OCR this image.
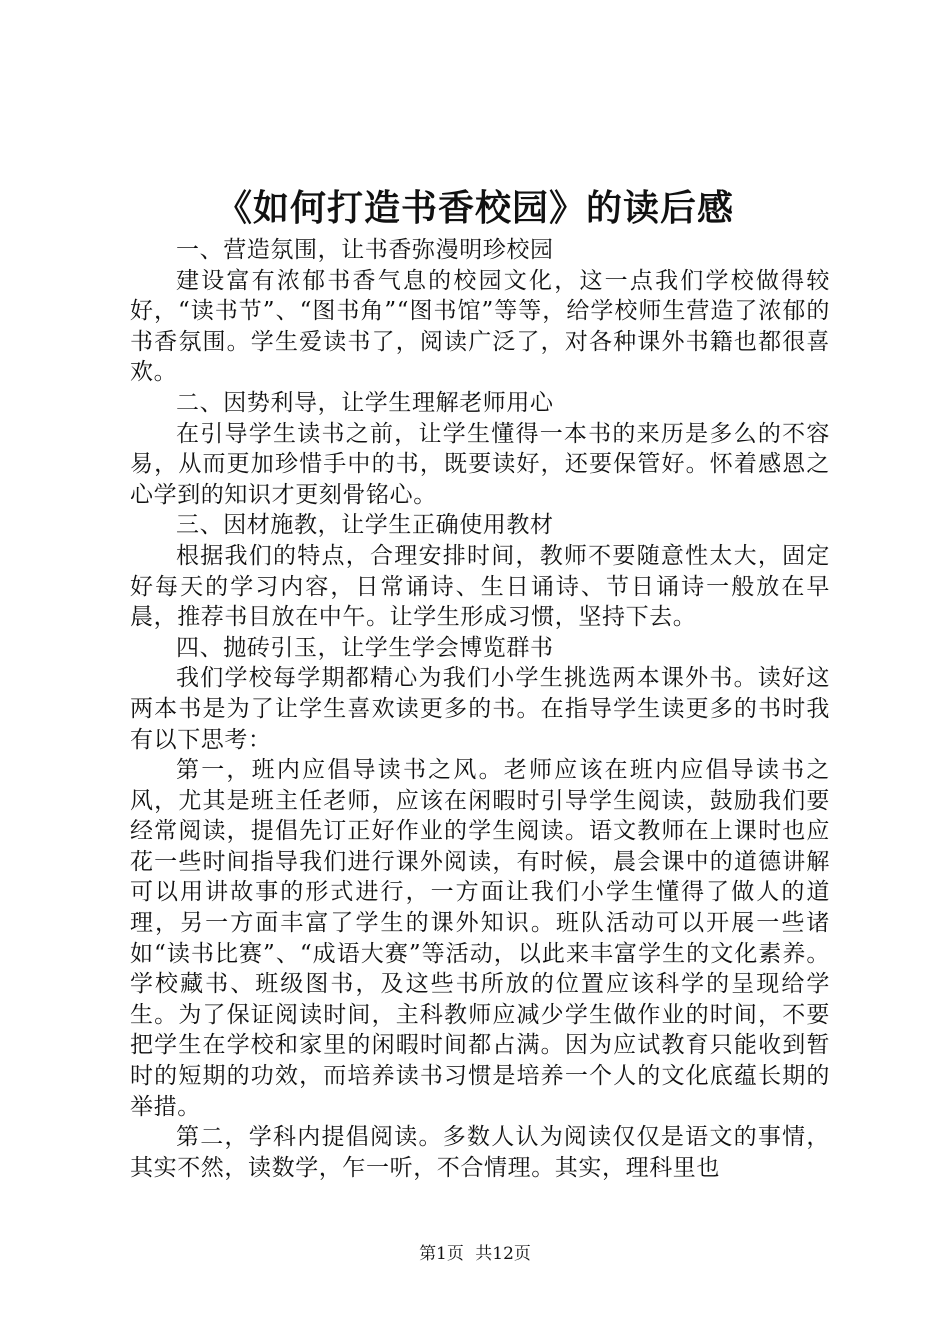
《如何打造书香校园》的读后感

一、营造氛围，让书香弥漫明珍校园

建设富有浓郁书香气息的校园文化，这一点我们学校做得较好，“读书节”、“图书角”“图书馆”等等，给学校师生营造了浓郁的书香氛围。学生爱读书了，阅读广泛了，对各种课外书籍也都很喜欢。

二、因势利导，让学生理解老师用心

在引导学生读书之前，让学生懂得一本书的来历是多么的不容易，从而更加珍惜手中的书，既要读好，还要保管好。怀着感恩之心学到的知识才更刻骨铭心。

三、因材施教，让学生正确使用教材

根据我们的特点，合理安排时间，教师不要随意性太大，固定好每天的学习内容，日常诵诗、生日诵诗、节日诵诗一般放在早晨，推荐书目放在中午。让学生形成习惯，坚持下去。

四、抛砖引玉，让学生学会博览群书

我们学校每学期都精心为我们小学生挑选两本课外书。读好这两本书是为了让学生喜欢读更多的书。在指导学生读更多的书时我有以下思考：

第一，班内应倡导读书之风。老师应该在班内应倡导读书之风，尤其是班主任老师，应该在闲暇时引导学生阅读，鼓励我们要经常阅读，提倡先订正好作业的学生阅读。语文教师在上课时也应花一些时间指导我们进行课外阅读，有时候，晨会课中的道德讲解可以用讲故事的形式进行，一方面让我们小学生懂得了做人的道理，另一方面丰富了学生的课外知识。班队活动可以开展一些诸如“读书比赛”、“成语大赛”等活动，以此来丰富学生的文化素养。学校藏书、班级图书，及这些书所放的位置应该科学的呈现给学生。为了保证阅读时间，主科教师应减少学生做作业的时间，不要把学生在学校和家里的闲暇时间都占满。因为应试教育只能收到暂时的短期的功效，而培养读书习惯是培养一个人的文化底蕴长期的举措。

第二，学科内提倡阅读。多数人认为阅读仅仅是语文的事情，其实不然，读数学，乍一听，不合情理。其实，理科里也

第1页 共12页
